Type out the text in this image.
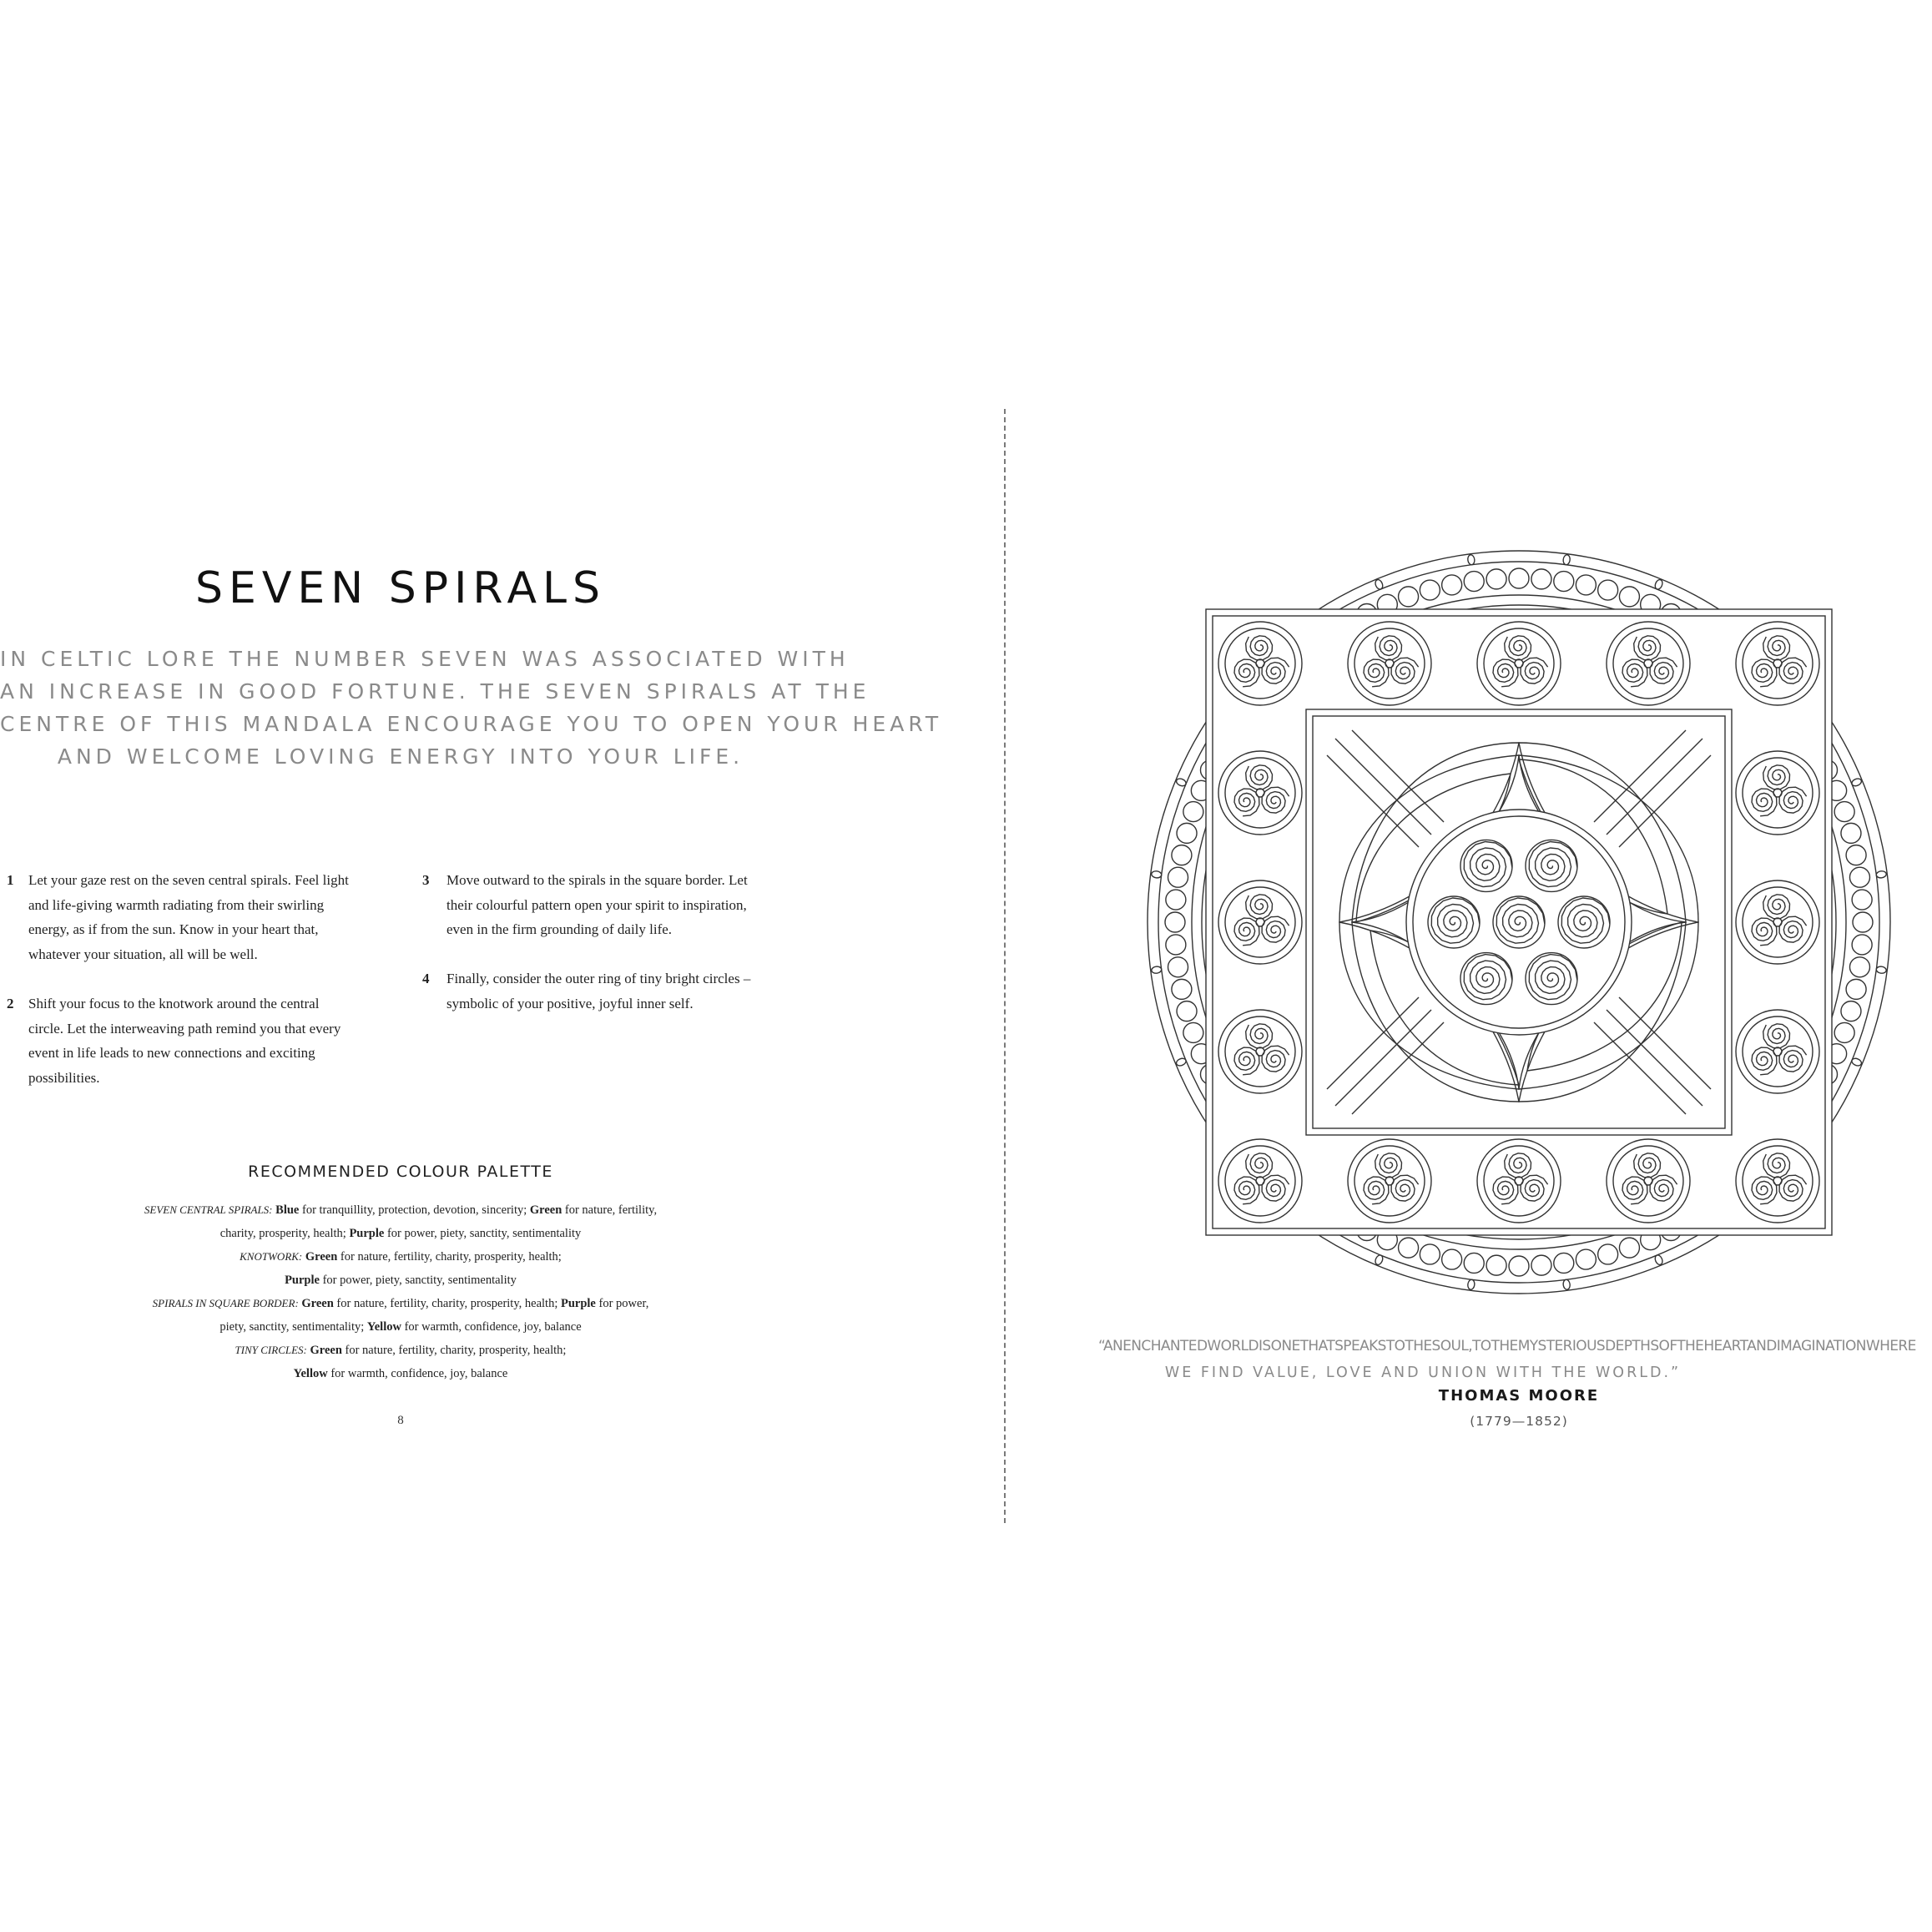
SEVEN SPIRALS
IN CELTIC LORE THE NUMBER SEVEN WAS ASSOCIATED WITH
AN INCREASE IN GOOD FORTUNE. THE SEVEN SPIRALS AT THE
CENTRE OF THIS MANDALA ENCOURAGE YOU TO OPEN YOUR HEART
AND WELCOME LOVING ENERGY INTO YOUR LIFE.
1	Let your gaze rest on the seven central spirals. Feel light
and life-giving warmth radiating from their swirling
energy, as if from the sun. Know in your heart that,
whatever your situation, all will be well.
2	Shift your focus to the knotwork around the central
circle. Let the interweaving path remind you that every
event in life leads to new connections and exciting
possibilities.
3	Move outward to the spirals in the square border. Let
their colourful pattern open your spirit to inspiration,
even in the firm grounding of daily life.
4	Finally, consider the outer ring of tiny bright circles –
symbolic of your positive, joyful inner self.
RECOMMENDED COLOUR PALETTE
SEVEN CENTRAL SPIRALS: Blue for tranquillity, protection, devotion, sincerity; Green for nature, fertility,
charity, prosperity, health; Purple for power, piety, sanctity, sentimentality
KNOTWORK: Green for nature, fertility, charity, prosperity, health;
Purple for power, piety, sanctity, sentimentality
SPIRALS IN SQUARE BORDER: Green for nature, fertility, charity, prosperity, health; Purple for power,
piety, sanctity, sentimentality; Yellow for warmth, confidence, joy, balance
TINY CIRCLES: Green for nature, fertility, charity, prosperity, health;
Yellow for warmth, confidence, joy, balance
8
“ANENCHANTEDWORLDISONETHATSPEAKSTOTHESOUL,TOTHEMYSTERIOUSDEPTHSOFTHEHEARTANDIMAGINATIONWHERE
WE FIND VALUE, LOVE AND UNION WITH THE WORLD.”
THOMAS MOORE
(1779—1852)
